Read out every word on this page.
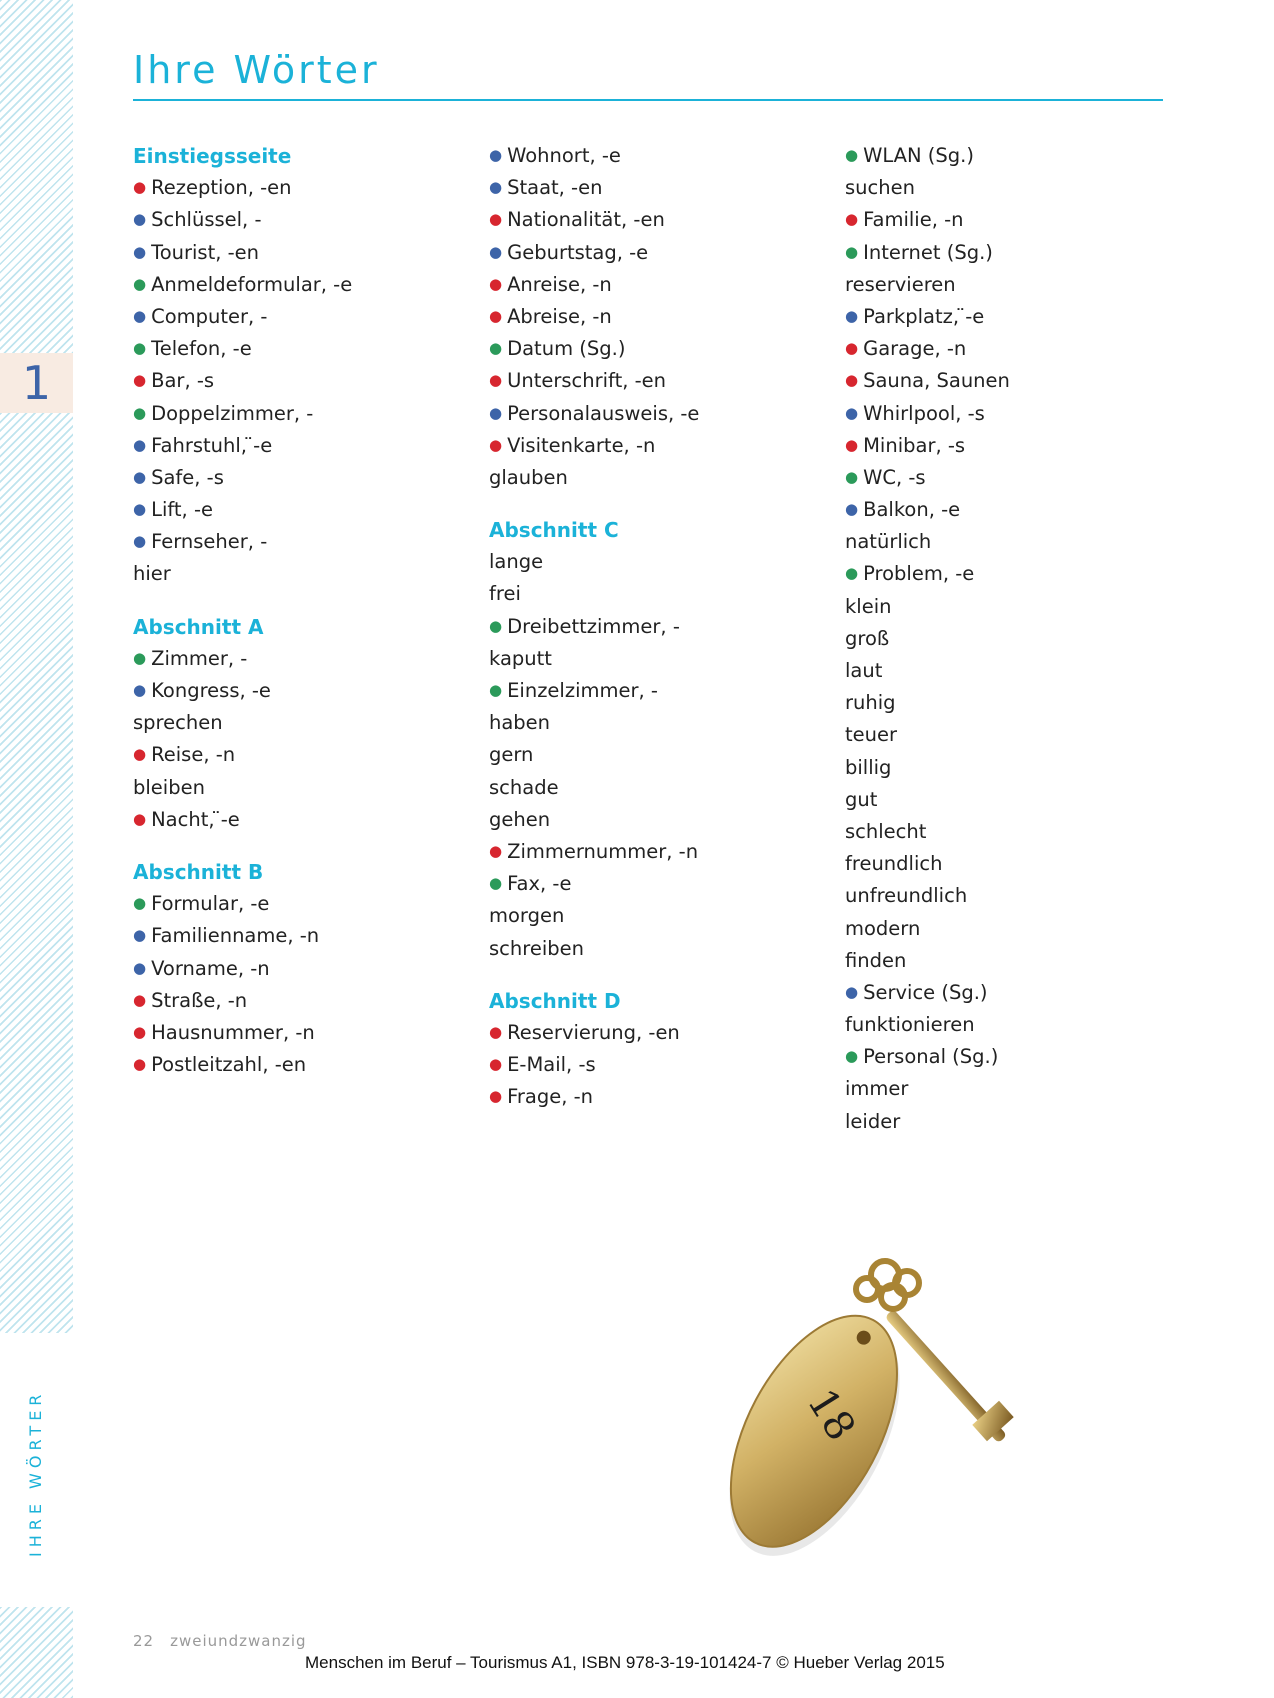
1
IHRE WÖRTER
Ihre Wörter
Einstiegsseite
● Rezeption, -en
● Schlüssel, -
● Tourist, -en
● Anmeldeformular, -e
● Computer, -
● Telefon, -e
● Bar, -s
● Doppelzimmer, -
● Fahrstuhl, ̈-e
● Safe, -s
● Lift, -e
● Fernseher, -
hier
Abschnitt A
● Zimmer, -
● Kongress, -e
sprechen
● Reise, -n
bleiben
● Nacht, ̈-e
Abschnitt B
● Formular, -e
● Familienname, -n
● Vorname, -n
● Straße, -n
● Hausnummer, -n
● Postleitzahl, -en
● Wohnort, -e
● Staat, -en
● Nationalität, -en
● Geburtstag, -e
● Anreise, -n
● Abreise, -n
● Datum (Sg.)
● Unterschrift, -en
● Personalausweis, -e
● Visitenkarte, -n
glauben
Abschnitt C
lange
frei
● Dreibettzimmer, -
kaputt
● Einzelzimmer, -
haben
gern
schade
gehen
● Zimmernummer, -n
● Fax, -e
morgen
schreiben
Abschnitt D
● Reservierung, -en
● E-Mail, -s
● Frage, -n
● WLAN (Sg.)
suchen
● Familie, -n
● Internet (Sg.)
reservieren
● Parkplatz, ̈-e
● Garage, -n
● Sauna, Saunen
● Whirlpool, -s
● Minibar, -s
● WC, -s
● Balkon, -e
natürlich
● Problem, -e
klein
groß
laut
ruhig
teuer
billig
gut
schlecht
freundlich
unfreundlich
modern
finden
● Service (Sg.)
funktionieren
● Personal (Sg.)
immer
leider
18
22 zweiundzwanzig
Menschen im Beruf – Tourismus A1, ISBN 978-3-19-101424-7 © Hueber Verlag 2015
